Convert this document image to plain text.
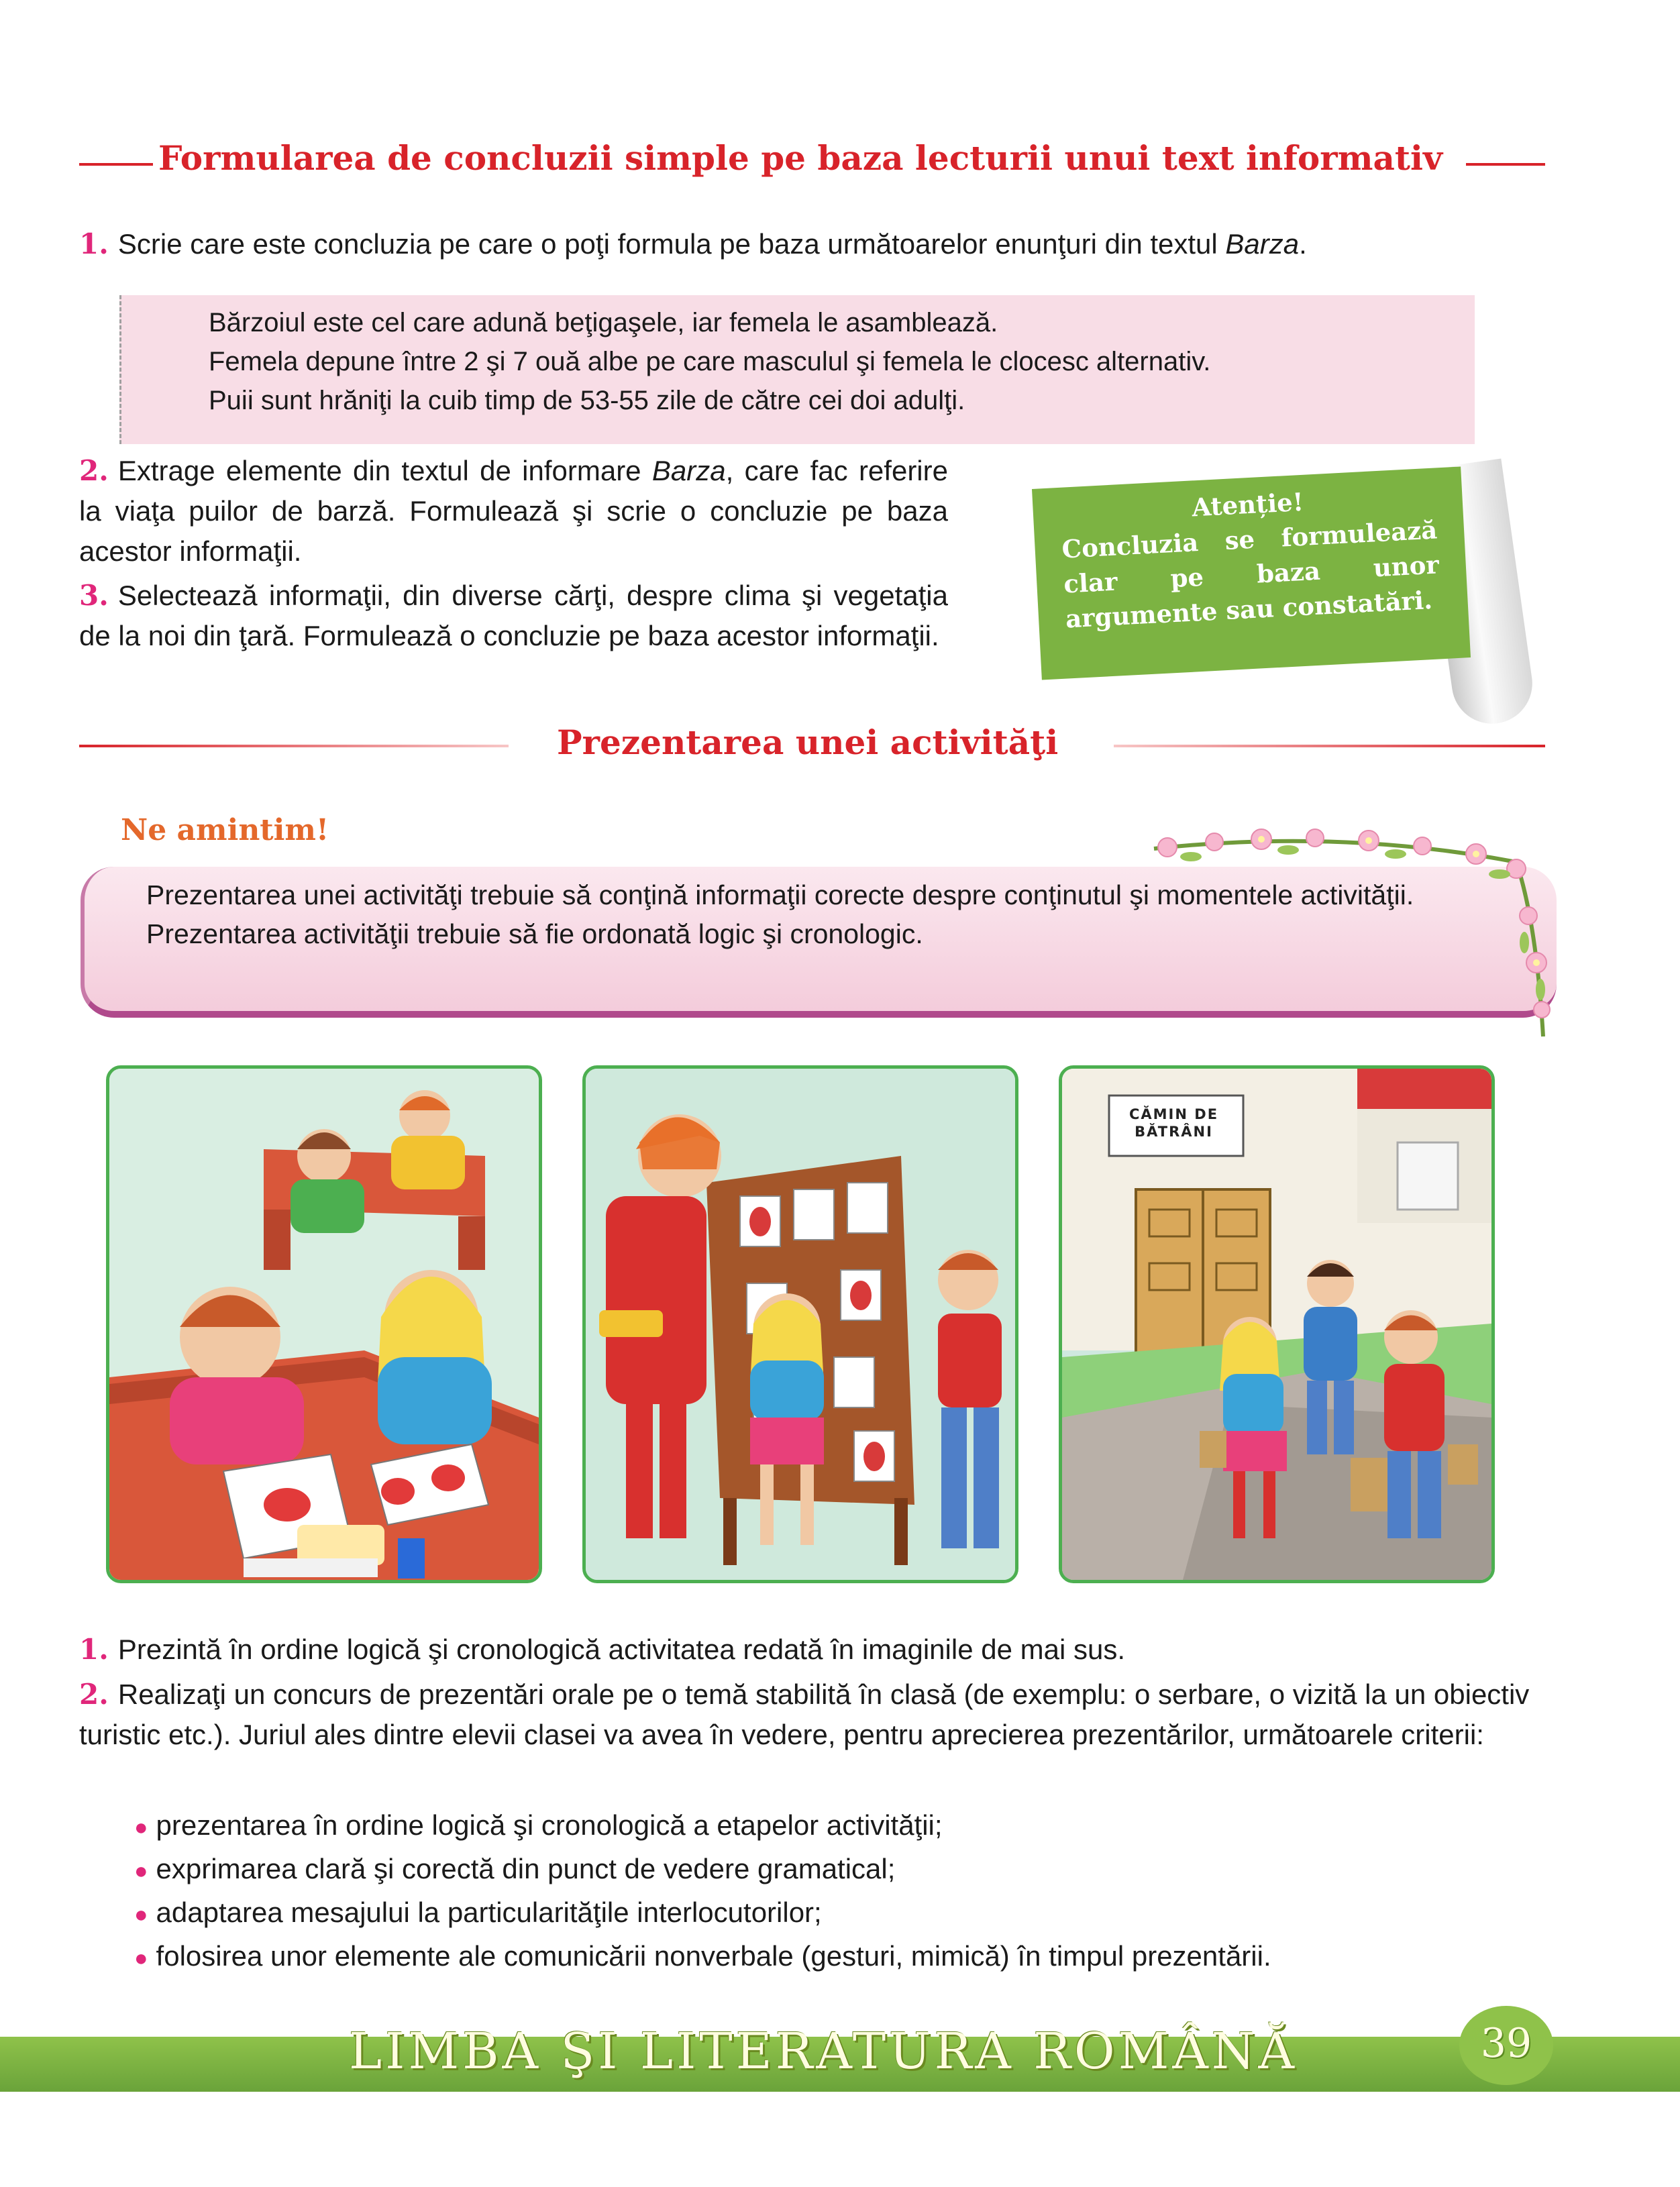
Formularea de concluzii simple pe baza lecturii unui text informativ
1. Scrie care este concluzia pe care o poţi formula pe baza următoarelor enunţuri din textul Barza.
Bărzoiul este cel care adună beţigaşele, iar femela le asamblează.
Femela depune între 2 şi 7 ouă albe pe care masculul şi femela le clocesc alternativ.
Puii sunt hrăniţi la cuib timp de 53-55 zile de către cei doi adulţi.
2. Extrage elemente din textul de informare Barza, care fac referire la viaţa puilor de barză. Formulează şi scrie o concluzie pe baza acestor informaţii.
3. Selectează informaţii, din diverse cărţi, despre clima şi vegetaţia de la noi din ţară. Formulează o concluzie pe baza acestor informaţii.
Atenție!
Concluzia se formulează clar pe baza unor argumente sau constatări.
Prezentarea unei activităţi
Ne amintim!
Prezentarea unei activităţi trebuie să conţină informaţii corecte despre conţinutul şi momentele activităţii.
Prezentarea activităţii trebuie să fie ordonată logic şi cronologic.
CĂMIN DE
BĂTRÂNI
1. Prezintă în ordine logică şi cronologică activitatea redată în imaginile de mai sus.
2. Realizaţi un concurs de prezentări orale pe o temă stabilită în clasă (de exemplu: o serbare, o vizită la un obiectiv turistic etc.). Juriul ales dintre elevii clasei va avea în vedere, pentru aprecierea prezentărilor, următoarele criterii:
● prezentarea în ordine logică şi cronologică a etapelor activităţii;
● exprimarea clară şi corectă din punct de vedere gramatical;
● adaptarea mesajului la particularităţile interlocutorilor;
● folosirea unor elemente ale comunicării nonverbale (gesturi, mimică) în timpul prezentării.
LIMBA ŞI LITERATURA ROMÂNĂ	39
